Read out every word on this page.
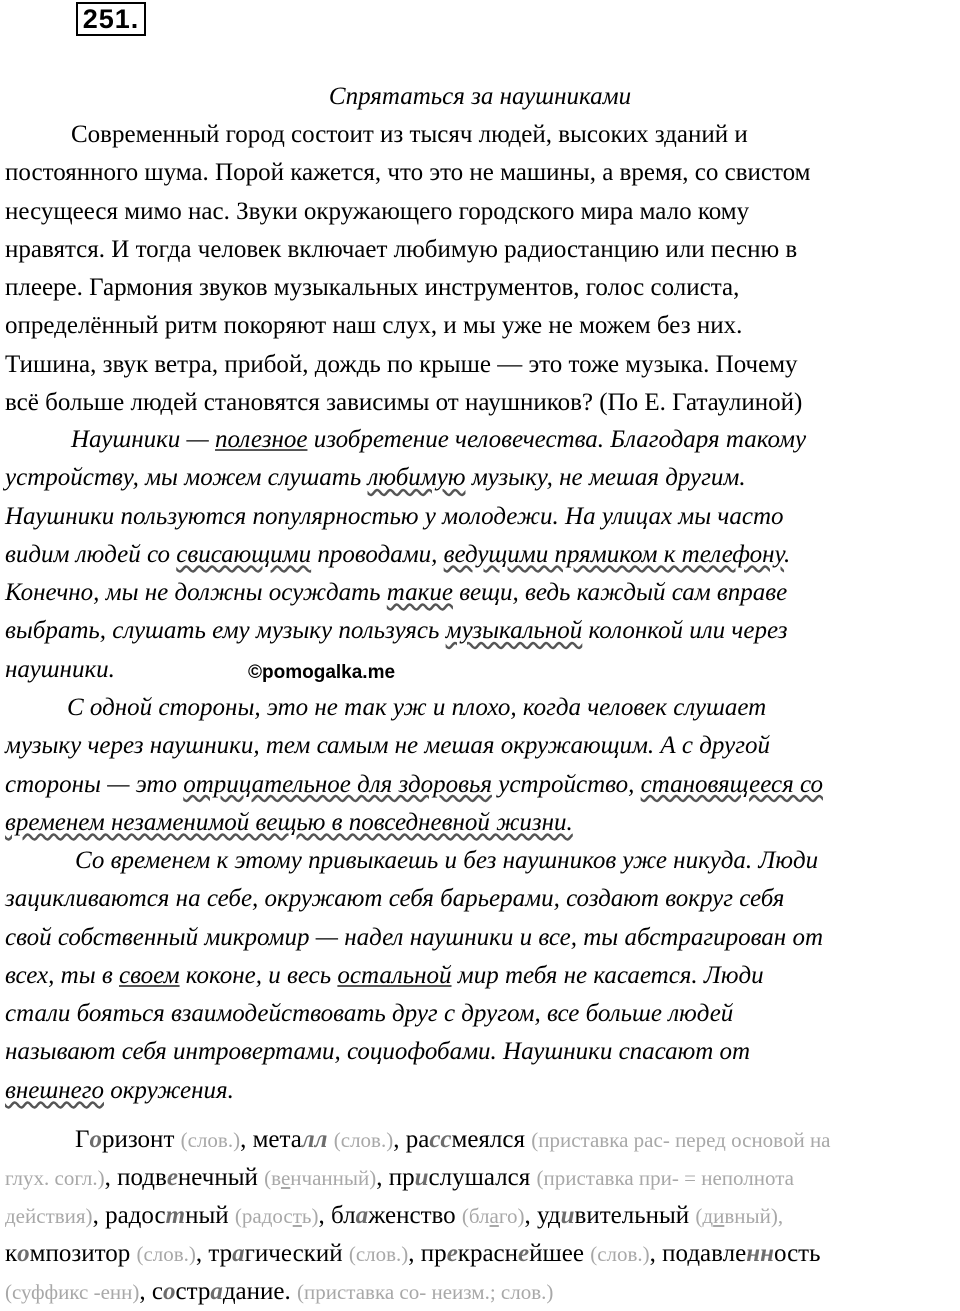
251.
Спрятаться за наушниками
Современный город состоит из тысяч людей, высоких зданий и
постоянного шума. Порой кажется, что это не машины, а время, со свистом
несущееся мимо нас. Звуки окружающего городского мира мало кому
нравятся. И тогда человек включает любимую радиостанцию или песню в
плеере. Гармония звуков музыкальных инструментов, голос солиста,
определённый ритм покоряют наш слух, и мы уже не можем без них.
Тишина, звук ветра, прибой, дождь по крыше — это тоже музыка. Почему
всё больше людей становятся зависимы от наушников? (По Е. Гатаулиной)
Наушники — полезное изобретение человечества. Благодаря такому
устройству, мы можем слушать любимую музыку, не мешая другим.
Наушники пользуются популярностью у молодежи. На улицах мы часто
видим людей со свисающими проводами, ведущими прямиком к телефону.
Конечно, мы не должны осуждать такие вещи, ведь каждый сам вправе
выбрать, слушать ему музыку пользуясь музыкальной колонкой или через
наушники.	©pomogalka.me
С одной стороны, это не так уж и плохо, когда человек слушает
музыку через наушники, тем самым не мешая окружающим. А с другой
стороны — это отрицательное для здоровья устройство, становящееся со
временем незаменимой вещью в повседневной жизни.
Со временем к этому привыкаешь и без наушников уже никуда. Люди
зацикливаются на себе, окружают себя барьерами, создают вокруг себя
свой собственный микромир — надел наушники и все, ты абстрагирован от
всех, ты в своем коконе, и весь остальной мир тебя не касается. Люди
стали бояться взаимодействовать друг с другом, все больше людей
называют себя интровертами, социофобами. Наушники спасают от
внешнего окружения.
Горизонт (слов.), металл (слов.), рассмеялся (приставка рас- перед основой на
глух. согл.), подвенечный (венчанный), прислушался (приставка при- = неполнота
действия), радостный (радость), блаженство (благо), удивительный (дивный),
композитор (слов.), трагический (слов.), прекраснейшее (слов.), подавленность
(суффикс -енн), сострадание. (приставка со- неизм.; слов.)
